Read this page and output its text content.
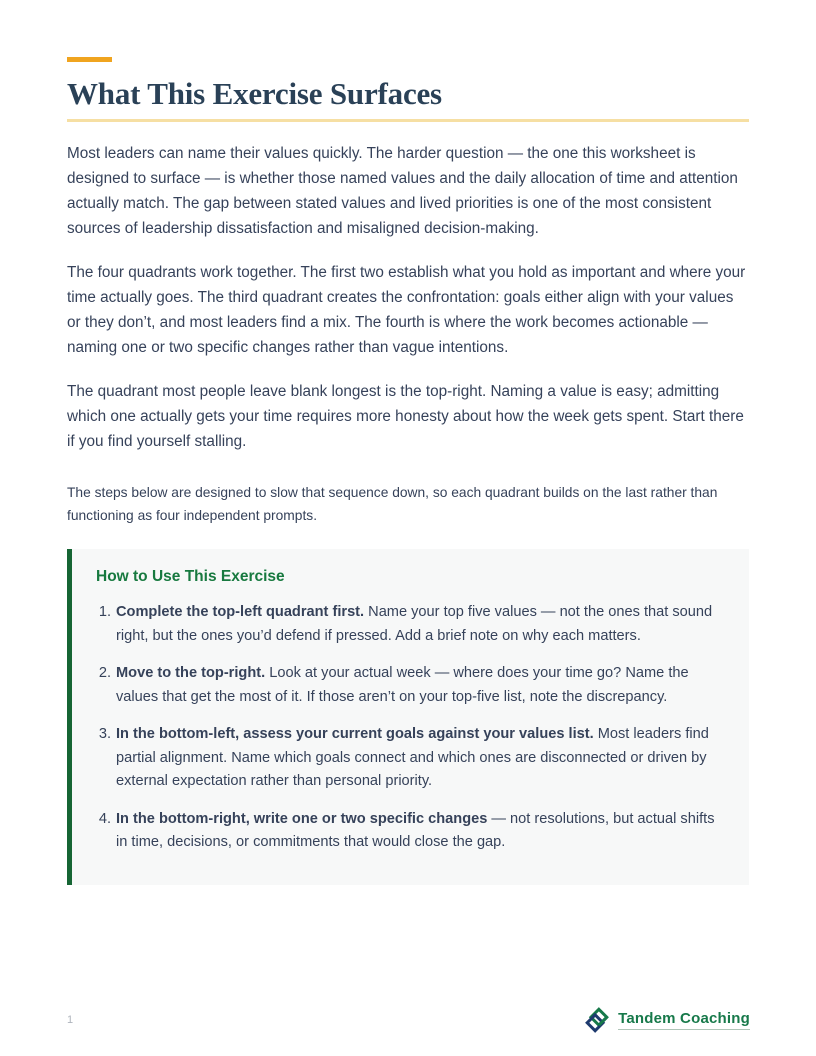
What This Exercise Surfaces

Most leaders can name their values quickly. The harder question — the one this worksheet is designed to surface — is whether those named values and the daily allocation of time and attention actually match. The gap between stated values and lived priorities is one of the most consistent sources of leadership dissatisfaction and misaligned decision-making.

The four quadrants work together. The first two establish what you hold as important and where your time actually goes. The third quadrant creates the confrontation: goals either align with your values or they don’t, and most leaders find a mix. The fourth is where the work becomes actionable — naming one or two specific changes rather than vague intentions.

The quadrant most people leave blank longest is the top-right. Naming a value is easy; admitting which one actually gets your time requires more honesty about how the week gets spent. Start there if you find yourself stalling.

The steps below are designed to slow that sequence down, so each quadrant builds on the last rather than functioning as four independent prompts.

How to Use This Exercise
1. Complete the top-left quadrant first. Name your top five values — not the ones that sound right, but the ones you’d defend if pressed. Add a brief note on why each matters.
2. Move to the top-right. Look at your actual week — where does your time go? Name the values that get the most of it. If those aren’t on your top-five list, note the discrepancy.
3. In the bottom-left, assess your current goals against your values list. Most leaders find partial alignment. Name which goals connect and which ones are disconnected or driven by external expectation rather than personal priority.
4. In the bottom-right, write one or two specific changes — not resolutions, but actual shifts in time, decisions, or commitments that would close the gap.
1	Tandem Coaching
